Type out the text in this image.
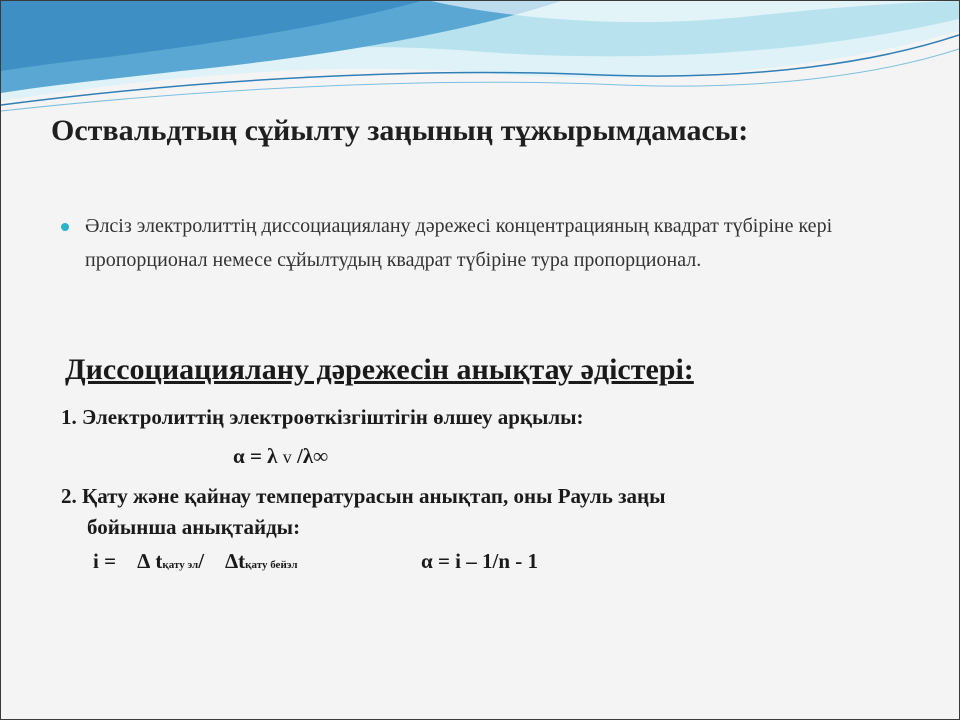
Оствальдтың сұйылту заңының тұжырымдамасы:
Әлсіз электролиттің диссоциациялану дәрежесі концентрацияның квадрат түбіріне кері пропорционал немесе сұйылтудың квадрат түбіріне тура пропорционал.
Диссоциациялану дәрежесін анықтау әдістері:
1. Электролиттің электроөткізгіштігін өлшеу арқылы:
α = λ v /λ∞
2. Қату және қайнау температурасын анықтап, оны Рауль заңы
бойынша анықтайды:
i = ∆ tқату эл/ ∆tқату бейэл	α = i – 1/n - 1
